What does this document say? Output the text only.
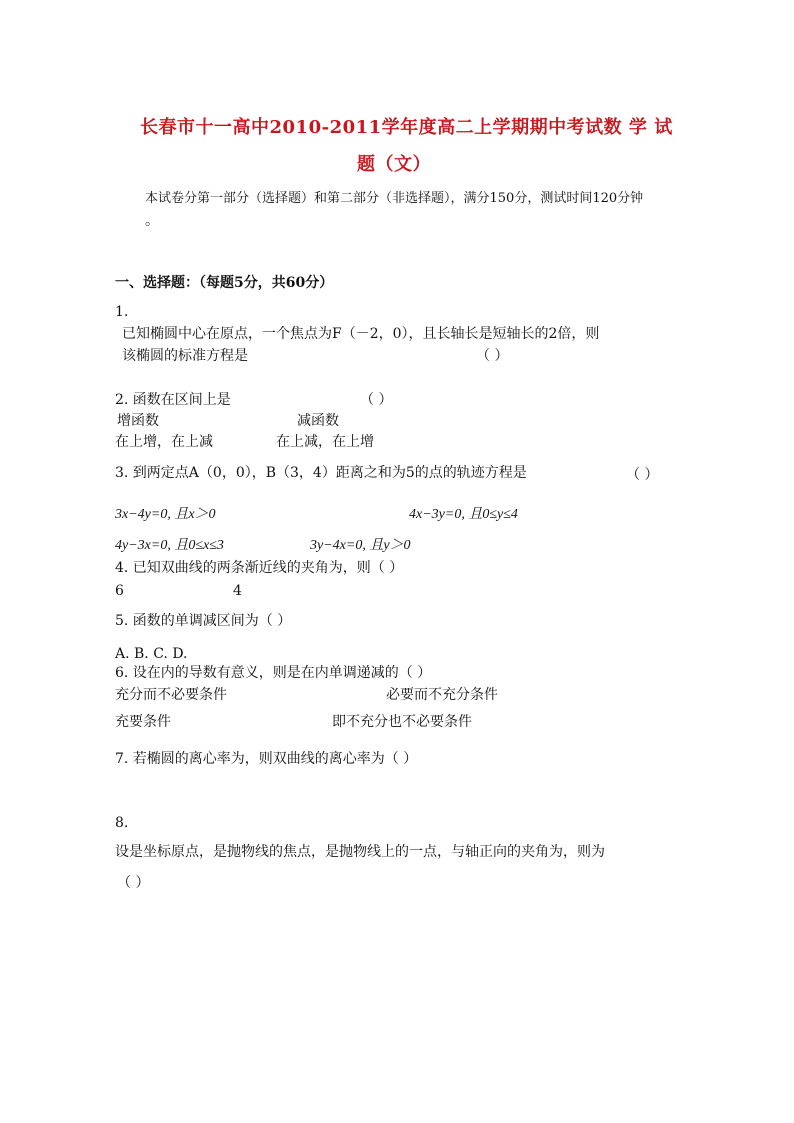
长春市十一高中2010-2011学年度高二上学期期中考试数 学 试
题（文）
本试卷分第一部分（选择题）和第二部分（非选择题），满分150分，测试时间120分钟
。
一、选择题：（每题5分，共60分）
1.
已知椭圆中心在原点，一个焦点为F（－2，0），且长轴长是短轴长的2倍，则
该椭圆的标准方程是	（ ）
2. 函数在区间上是	（ ）
增函数	减函数
在上增，在上减	在上减，在上增
3. 到两定点A（0，0），B（3，4）距离之和为5的点的轨迹方程是	（ ）
3x−4y=0, 且x＞0	4x−3y=0, 且0≤y≤4
4y−3x=0, 且0≤x≤3	3y−4x=0, 且y＞0
4. 已知双曲线的两条渐近线的夹角为，则（ ）
6	4
5. 函数的单调减区间为（ ）
A. B. C. D.
6. 设在内的导数有意义，则是在内单调递减的（ ）
充分而不必要条件	必要而不充分条件
充要条件	即不充分也不必要条件
7. 若椭圆的离心率为，则双曲线的离心率为（ ）
8.
设是坐标原点，是抛物线的焦点，是抛物线上的一点，与轴正向的夹角为，则为
（ ）
